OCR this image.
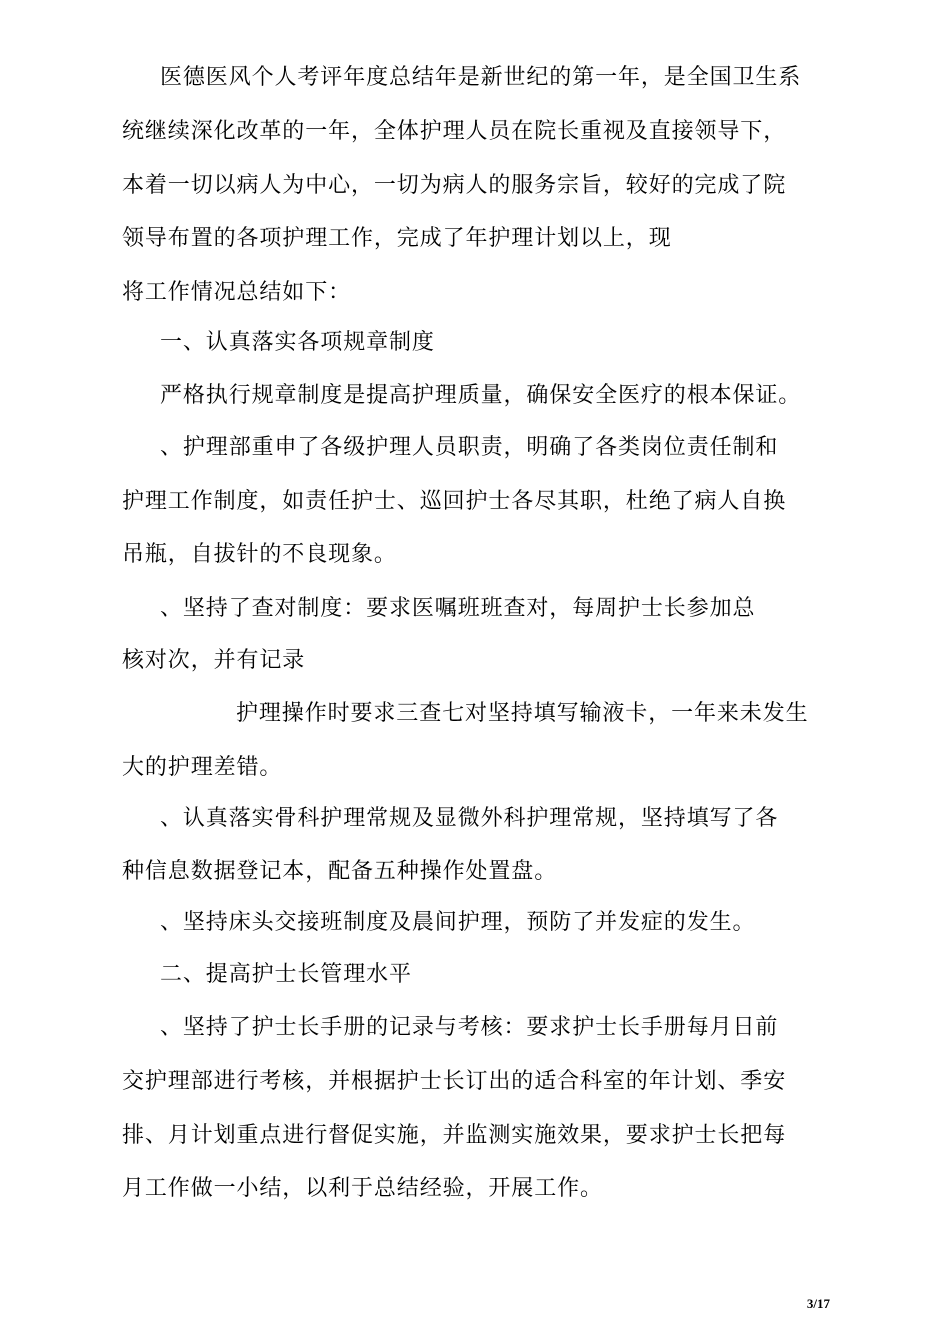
医德医风个人考评年度总结年是新世纪的第一年，是全国卫生系
统继续深化改革的一年，全体护理人员在院长重视及直接领导下，
本着一切以病人为中心，一切为病人的服务宗旨，较好的完成了院
领导布置的各项护理工作，完成了年护理计划以上，现
将工作情况总结如下：
一、认真落实各项规章制度
严格执行规章制度是提高护理质量，确保安全医疗的根本保证。
、护理部重申了各级护理人员职责，明确了各类岗位责任制和
护理工作制度，如责任护士、巡回护士各尽其职，杜绝了病人自换
吊瓶，自拔针的不良现象。
、坚持了查对制度：要求医嘱班班查对，每周护士长参加总
核对次，并有记录
护理操作时要求三查七对坚持填写输液卡，一年来未发生
大的护理差错。
、认真落实骨科护理常规及显微外科护理常规，坚持填写了各
种信息数据登记本，配备五种操作处置盘。
、坚持床头交接班制度及晨间护理，预防了并发症的发生。
二、提高护士长管理水平
、坚持了护士长手册的记录与考核：要求护士长手册每月日前
交护理部进行考核，并根据护士长订出的适合科室的年计划、季安
排、月计划重点进行督促实施，并监测实施效果，要求护士长把每
月工作做一小结，以利于总结经验，开展工作。
3/17
